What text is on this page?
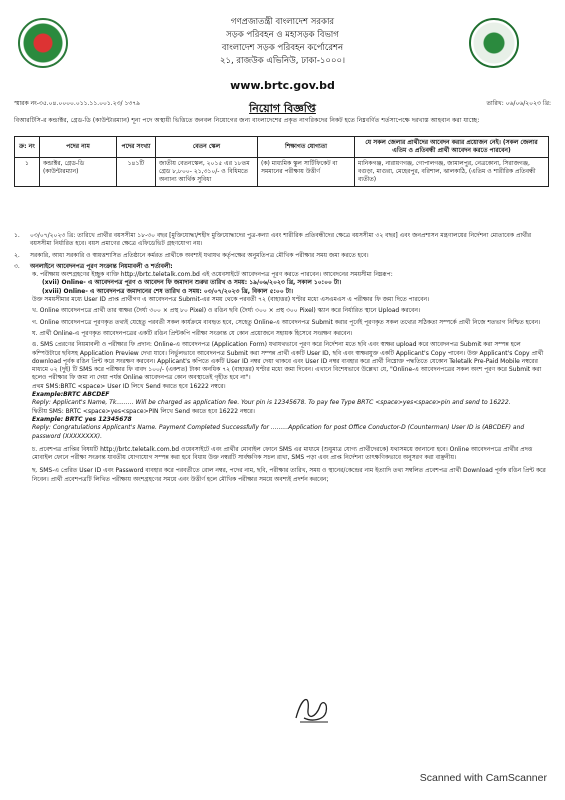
গণপ্রজাতন্ত্রী বাংলাদেশ সরকার
সড়ক পরিবহন ও মহাসড়ক বিভাগ
বাংলাদেশ সড়ক পরিবহন কর্পোরেশন
২১, রাজউক এভিনিউ, ঢাকা-১০০০।
www.brtc.gov.bd
স্মারক নং-৩৫.০৪.০০০০.০১১.১১.০০১.২৩/ ১৩৭৯	তারিখ: ০৬/০৬/২০২৩ খ্রি:
নিয়োগ বিজ্ঞপ্তি
বিআরটিসি-র কন্ডাক্টর, গ্রেড-ডি (কাউন্টারম্যান) শূন্য পদে অস্থায়ী ভিত্তিতে জনবল নিয়োগের জন্য বাংলাদেশের প্রকৃত নাগরিকদের নিকট হতে নিম্নবর্ণিত শর্তসাপেক্ষে দরখাস্ত আহবান করা যাচ্ছে:
ক্র: নং	পদের নাম	পদের সংখ্যা	বেতন স্কেল	শিক্ষাগত যোগ্যতা	যে সকল জেলার প্রার্থীদের আবেদন করার প্রয়োজন নেই। (সকল জেলার এতিম ও প্রতিবন্ধী প্রার্থী আবেদন করতে পারবেন)
১	কন্ডাক্টর, গ্রেড-ডি (কাউন্টারম্যান)	১৪১টি	জাতীয় বেতনস্কেল, ২০১৫ এর ১৮তম গ্রেড ৮,৮০০- ২১,৩১০/- ও বিধিমতে অন্যান্য আর্থিক সুবিধা	(ক) মাধ্যমিক স্কুল সার্টিফিকেট বা সমমানের পরীক্ষায় উত্তীর্ণ	মানিকগঞ্জ, নারায়ণগঞ্জ, গোপালগঞ্জ, জামালপুর, নেত্রকোনা, সিরাজগঞ্জ, বগুড়া, মাগুরা, মেহেরপুর, বরিশাল, ঝালকাঠি, (এতিম ও শারীরিক প্রতিবন্ধী ব্যতীত)
১.	০৩/০৭/২০২৩ খ্রি: তারিখে প্রার্থীর বয়সসীমা ১৮-৩০ বছর [মুক্তিযোদ্ধা/শহীদ মুক্তিযোদ্ধাদের পুত্র-কন্যা এবং শারীরিক প্রতিবন্ধীদের ক্ষেত্রে বয়সসীমা ৩২ বছর] এবং জনপ্রশাসন মন্ত্রণালয়ের নির্দেশনা মোতাবেক প্রার্থীর বয়সসীমা নির্ধারিত হবে। বয়স প্রমাণের ক্ষেত্রে এফিডেভিট গ্রহণযোগ্য নয়।
২.	সরকারি, আধা সরকারি ও স্বায়ত্তশাসিত প্রতিষ্ঠানে কর্মরত প্রার্থীকে অবশ্যই যথাযথ কর্তৃপক্ষের অনুমতিপত্র মৌখিক পরীক্ষার সময় জমা করতে হবে।
৩.	অনলাইনে আবেদনপত্র পূরণ সংক্রান্ত নিয়মাবলী ও শর্তাবলী:
ক. পরীক্ষায় অংশগ্রহণের ইচ্ছুক ব্যক্তি http://brtc.teletalk.com.bd এই ওয়েবসাইটে আবেদনপত্র পূরণ করতে পারবেন। আবেদনের সময়সীমা নিম্নরূপ:
(xvii) Online- এ আবেদনপত্র পূরণ ও আবেদন ফি জমাদান শুরুর তারিখ ও সময়: ১৯/০৬/২০২৩ খ্রি, সকাল ১০:০০ টা।
(xviii) Online- এ আবেদনপত্র জমাদানের শেষ তারিখ ও সময়: ০৩/০৭/২০২৩ খ্রি, বিকাল ৫:০০ টা।
উক্ত সময়সীমার মধ্যে User ID প্রাপ্ত প্রার্থীগণ এ আবেদনপত্র Submit-এর সময় থেকে পরবর্তী ৭২ (বাহাত্তর) ঘণ্টার মধ্যে এসএমএস এ পরীক্ষার ফি জমা দিতে পারবেন।
খ. Online আবেদনপত্রে প্রার্থী তার স্বাক্ষর (দৈর্ঘ্য ৩০০ × প্রস্থ ৮০ Pixel) ও রঙিন ছবি (দৈর্ঘ্য ৩০০ × প্রস্থ ৩০০ Pixel) স্ক্যান করে নির্ধারিত স্থানে Upload করবেন।
গ. Online আবেদনপত্রে পূরণকৃত তথ্যই যেহেতু পরবর্তী সকল কার্যক্রমে ব্যবহৃত হবে, সেহেতু Online-এ আবেদনপত্র Submit করার পূর্বেই পূরণকৃত সকল তথ্যের সঠিকতা সম্পর্কে প্রার্থী নিজে শতভাগ নিশ্চিত হবেন।
ঘ. প্রার্থী Online-এ পূরণকৃত আবেদনপত্রের একটি রঙিন প্রিন্টকপি পরীক্ষা সংক্রান্ত যে কোন প্রয়োজনে সহায়ক হিসেবে সংরক্ষণ করবেন।
ঙ. SMS প্রেরণের নিয়মাবলী ও পরীক্ষার ফি প্রদান: Online-এ আবেদনপত্র (Application Form) যথাযথভাবে পূরণ করে নির্দেশনা মতে ছবি এবং স্বাক্ষর upload করে আবেদনপত্র Submit করা সম্পন্ন হলে কম্পিউটারে ছবিসহ Application Preview দেখা যাবে। নির্ভুলভাবে আবেদনপত্র Submit করা সম্পন্ন প্রার্থী একটি User ID, ছবি এবং স্বাক্ষরযুক্ত একটি Applicant's Copy পাবেন। উক্ত Applicant's Copy প্রার্থী download পূর্বক রঙিন প্রিন্ট করে সংরক্ষণ করবেন। Applicant's কপিতে একটি User ID নম্বর দেয়া থাকবে এবং User ID নম্বর ব্যবহার করে প্রার্থী নিম্নোক্ত পদ্ধতিতে যেকোন Teletalk Pre-Paid Mobile নম্বরের মাধ্যমে ০২ (দুই) টি SMS করে পরীক্ষার ফি বাবদ ১০০/- (একশত) টাকা অনধিক ৭২ (বাহাত্তর) ঘণ্টার মধ্যে জমা দিবেন। এখানে বিশেষভাবে উল্লেখ্য যে, "Online-এ আবেদনপত্রের সকল অংশ পূরণ করে Submit করা হলেও পরীক্ষার ফি জমা না দেয়া পর্যন্ত Online আবেদনপত্র কোন অবস্থাতেই গৃহীত হবে না"।
প্রথম SMS:BRTC <space> User ID লিখে Send করতে হবে 16222 নম্বরে।
Example:BRTC ABCDEF
Reply: Applicant's Name, Tk......... Will be charged as application fee. Your pin is 12345678. To pay fee Type BRTC <space>yes<space>pin and send to 16222.
দ্বিতীয় SMS: BRTC <space>yes<space>PIN লিখে Send করতে হবে 16222 নম্বরে।
Example: BRTC yes 12345678
Reply: Congratulations Applicant's Name. Payment Completed Successfully for .........Application for post Office Conductor-D (Counterman) User ID is (ABCDEF) and password (XXXXXXXX).
চ. প্রবেশপত্র প্রাপ্তির বিষয়টি http://brtc.teletalk.com.bd ওয়েবসাইটে এবং প্রার্থীর মোবাইল ফোনে SMS এর মাধ্যমে (শুধুমাত্র যোগ্য প্রার্থীদেরকে) যথাসময়ে জানানো হবে। Online আবেদনপত্রে প্রার্থীর প্রদত্ত মোবাইল ফোনে পরীক্ষা সংক্রান্ত যাবতীয় যোগাযোগ সম্পন্ন করা হবে বিধায় উক্ত নম্বরটি সার্বক্ষণিক সচল রাখা, SMS পড়া এবং প্রাপ্ত নির্দেশনা তাৎক্ষণিকভাবে অনুসরণ করা বাঞ্ছনীয়।
ছ. SMS-এ প্রেরিত User ID এবং Password ব্যবহার করে পরবর্তীতে রোল নম্বর, পদের নাম, ছবি, পরীক্ষার তারিখ, সময় ও স্থানের/কেন্দ্রের নাম ইত্যাদি তথ্য সম্বলিত প্রবেশপত্র প্রার্থী Download পূর্বক রঙিন প্রিন্ট করে নিবেন। প্রার্থী প্রবেশপত্রটি লিখিত পরীক্ষায় অংশগ্রহণের সময়ে এবং উত্তীর্ণ হলে মৌখিক পরীক্ষার সময়ে অবশ্যই প্রদর্শন করবেন;
Scanned with CamScanner
